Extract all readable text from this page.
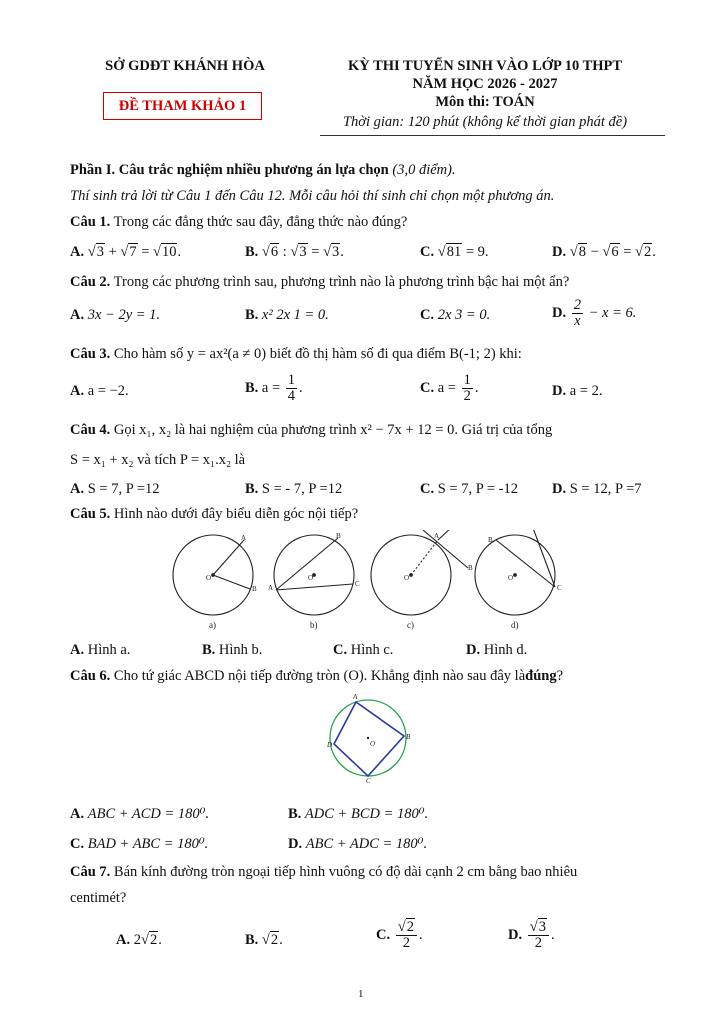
SỞ GDĐT KHÁNH HÒA
ĐỀ THAM KHẢO 1
KỲ THI TUYỂN SINH VÀO LỚP 10 THPT
NĂM HỌC 2026 - 2027
Môn thi: TOÁN
Thời gian: 120 phút (không kể thời gian phát đề)
Phần I. Câu trắc nghiệm nhiều phương án lựa chọn (3,0 điểm).
Thí sinh trả lời từ Câu 1 đến Câu 12. Mỗi câu hỏi thí sinh chỉ chọn một phương án.
Câu 1. Trong các đẳng thức sau đây, đẳng thức nào đúng?
A. √3 + √7 = √10.	B. √6 : √3 = √3.	C. √81 = 9.	D. √8 − √6 = √2.
Câu 2. Trong các phương trình sau, phương trình nào là phương trình bậc hai một ẩn?
A. 3x − 2y = 1.	B. x² 2x 1 = 0.	C. 2x 3 = 0.	D. $\frac{2}{x} - x = 6$.
Câu 3. Cho hàm số y = ax²(a ≠ 0) biết đồ thị hàm số đi qua điểm B(-1; 2) khi:
A. a = −2.	B. $a = \frac{1}{4}$ .	C. $a = \frac{1}{2}$ .	D. a = 2.
Câu 4. Gọi x₁, x₂ là hai nghiệm của phương trình x² − 7x + 12 = 0. Giá trị của tổng
S = x₁ + x₂ và tích P = x₁.x₂ là
A. S = 7, P =12	B. S = - 7, P =12	C. S = 7, P = -12 D. S = 12, P =7
Câu 5. Hình nào dưới đây biểu diễn góc nội tiếp?
A
O
B
B
O
A	C
A
O
B
B
O
C
a)	b)	c)	d)
A. Hình a.	B. Hình b.	C. Hình c.	D. Hình d.
Câu 6. Cho tứ giác ABCD nội tiếp đường tròn (O). Khẳng định nào sau đây làđúng?
A
B
C
D	O
A. ABC + ACD = 180⁰.	B. ADC + BCD = 180⁰.
C. BAD + ABC = 180⁰.	D. ABC + ADC = 180⁰.
Câu 7. Bán kính đường tròn ngoại tiếp hình vuông có độ dài cạnh 2 cm bằng bao nhiêu
centimét?
A. 2√2.	B. √2.	C. $\frac{√2}{2}$ .	D. $\frac{√3}{2}$ .
1
